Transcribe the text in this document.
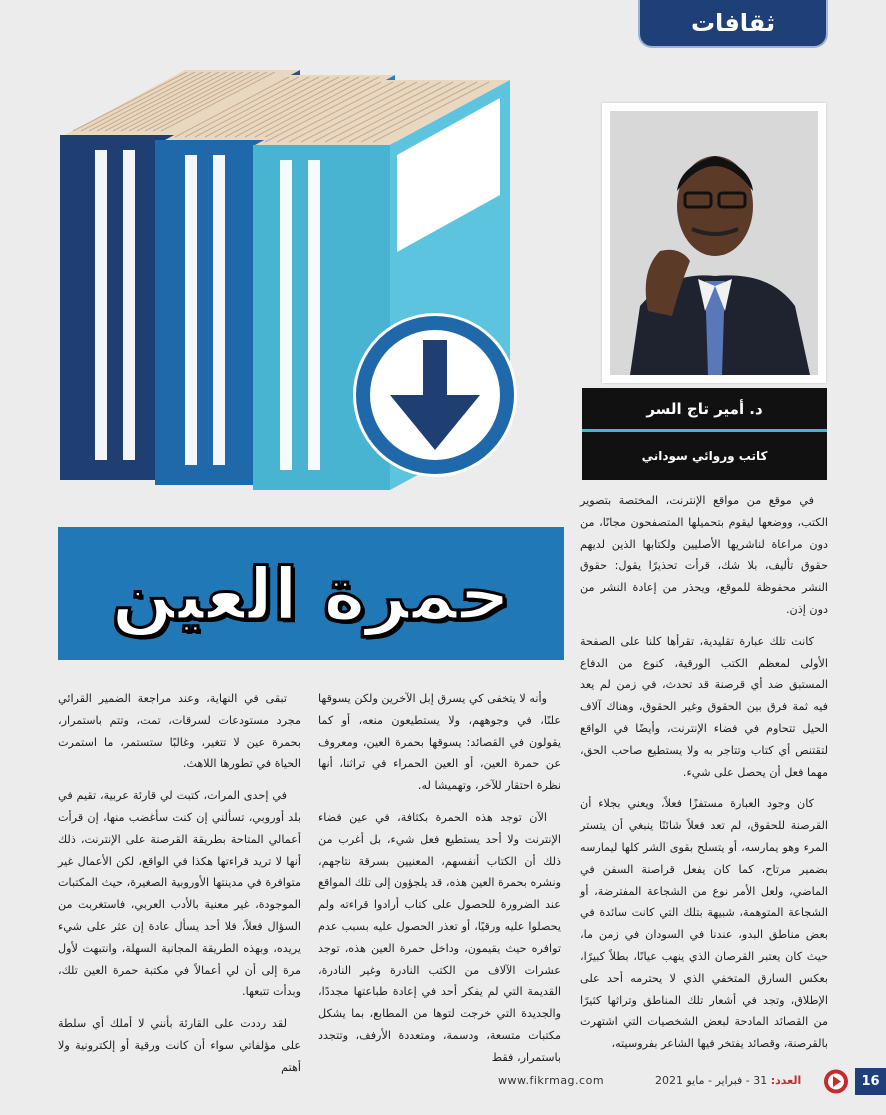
ثقافات
د. أمير تاج السر
كاتب وروائي سوداني
حمرة العين

في موقع من مواقع الإنترنت، المختصة بتصوير الكتب، ووضعها ليقوم بتحميلها المتصفحون مجانًا، من دون مراعاة لناشريها الأصليين ولكتابها الذين لديهم حقوق تأليف، بلا شك، قرأت تحذيرًا يقول: حقوق النشر محفوظة للموقع، ويحذر من إعادة النشر من دون إذن.

كانت تلك عبارة تقليدية، تقرأها كلنا على الصفحة الأولى لمعظم الكتب الورقية، كنوع من الدفاع المستبق ضد أي قرصنة قد تحدث، في زمن لم يعد فيه ثمة فرق بين الحقوق وغير الحقوق، وهناك آلاف الحيل تتحاوم في فضاء الإنترنت، وأيضًا في الواقع لتقتنص أي كتاب وتتاجر به ولا يستطيع صاحب الحق، مهما فعل أن يحصل على شيء.

كان وجود العبارة مستفزًا فعلاً، ويعني بجلاء أن القرصنة للحقوق، لم تعد فعلاً شائنًا ينبغي أن يتستر المرء وهو يمارسه، أو يتسلح بقوى الشر كلها ليمارسه بضمير مرتاح، كما كان يفعل قراصنة السفن في الماضي، ولعل الأمر نوع من الشجاعة المفترضة، أو الشجاعة المتوهمة، شبيهة بتلك التي كانت سائدة في بعض مناطق البدو، عندنا في السودان في زمن ما، حيث كان يعتبر القرصان الذي ينهب عيانًا، بطلاً كبيرًا، بعكس السارق المتخفي الذي لا يحترمه أحد على الإطلاق، وتجد في أشعار تلك المناطق وتراثها كثيرًا من القصائد المادحة لبعض الشخصيات التي اشتهرت بالقرصنة، وقصائد يفتخر فيها الشاعر بفروسيته،

وأنه لا يتخفى كي يسرق إبل الآخرين ولكن يسوقها علنًا، في وجوههم، ولا يستطيعون منعه، أو كما يقولون في القصائد: يسوقها بحمرة العين، ومعروف عن حمرة العين، أو العين الحمراء في تراثنا، أنها نظرة احتقار للآخر، وتهميشا له.

الآن توجد هذه الحمرة بكثافة، في عين فضاء الإنترنت ولا أحد يستطيع فعل شيء، بل أغرب من ذلك أن الكتاب أنفسهم، المعنيين بسرقة نتاجهم، ونشره بحمرة العين هذه، قد يلجؤون إلى تلك المواقع عند الضرورة للحصول على كتاب أرادوا قراءته ولم يحصلوا عليه ورقيًا، أو تعذر الحصول عليه بسبب عدم توافره حيث يقيمون، وداخل حمرة العين هذه، توجد عشرات الآلاف من الكتب النادرة وغير النادرة، القديمة التي لم يفكر أحد في إعادة طباعتها مجددًا، والجديدة التي خرجت لتوها من المطابع، بما يشكل مكتبات متسعة، ودسمة، ومتعددة الأرفف، وتتجدد باستمرار، فقط

تبقى في النهاية، وعند مراجعة الضمير القرائي مجرد مستودعات لسرقات، تمت، وتتم باستمرار، بحمرة عين لا تتغير، وغالبًا ستستمر، ما استمرت الحياة في تطورها اللاهث.

في إحدى المرات، كتبت لي قارئة عربية، تقيم في بلد أوروبي، تسألني إن كنت سأغضب منها، إن قرأت أعمالي المتاحة بطريقة القرصنة على الإنترنت، ذلك أنها لا تريد قراءتها هكذا في الواقع، لكن الأعمال غير متوافرة في مدينتها الأوروبية الصغيرة، حيث المكتبات الموجودة، غير معنية بالأدب العربي، فاستغربت من السؤال فعلاً، فلا أحد يسأل عادة إن عثر على شيء يريده، وبهذه الطريقة المجانية السهلة، وانتبهت لأول مرة إلى أن لي أعمالاً في مكتبة حمرة العين تلك، وبدأت تتبعها.

لقد رددت على القارئة بأنني لا أملك أي سلطة على مؤلفاتي سواء أن كانت ورقية أو إلكترونية ولا أهتم

16
العدد: 31 - فبراير - مايو 2021
www.fikrmag.com
